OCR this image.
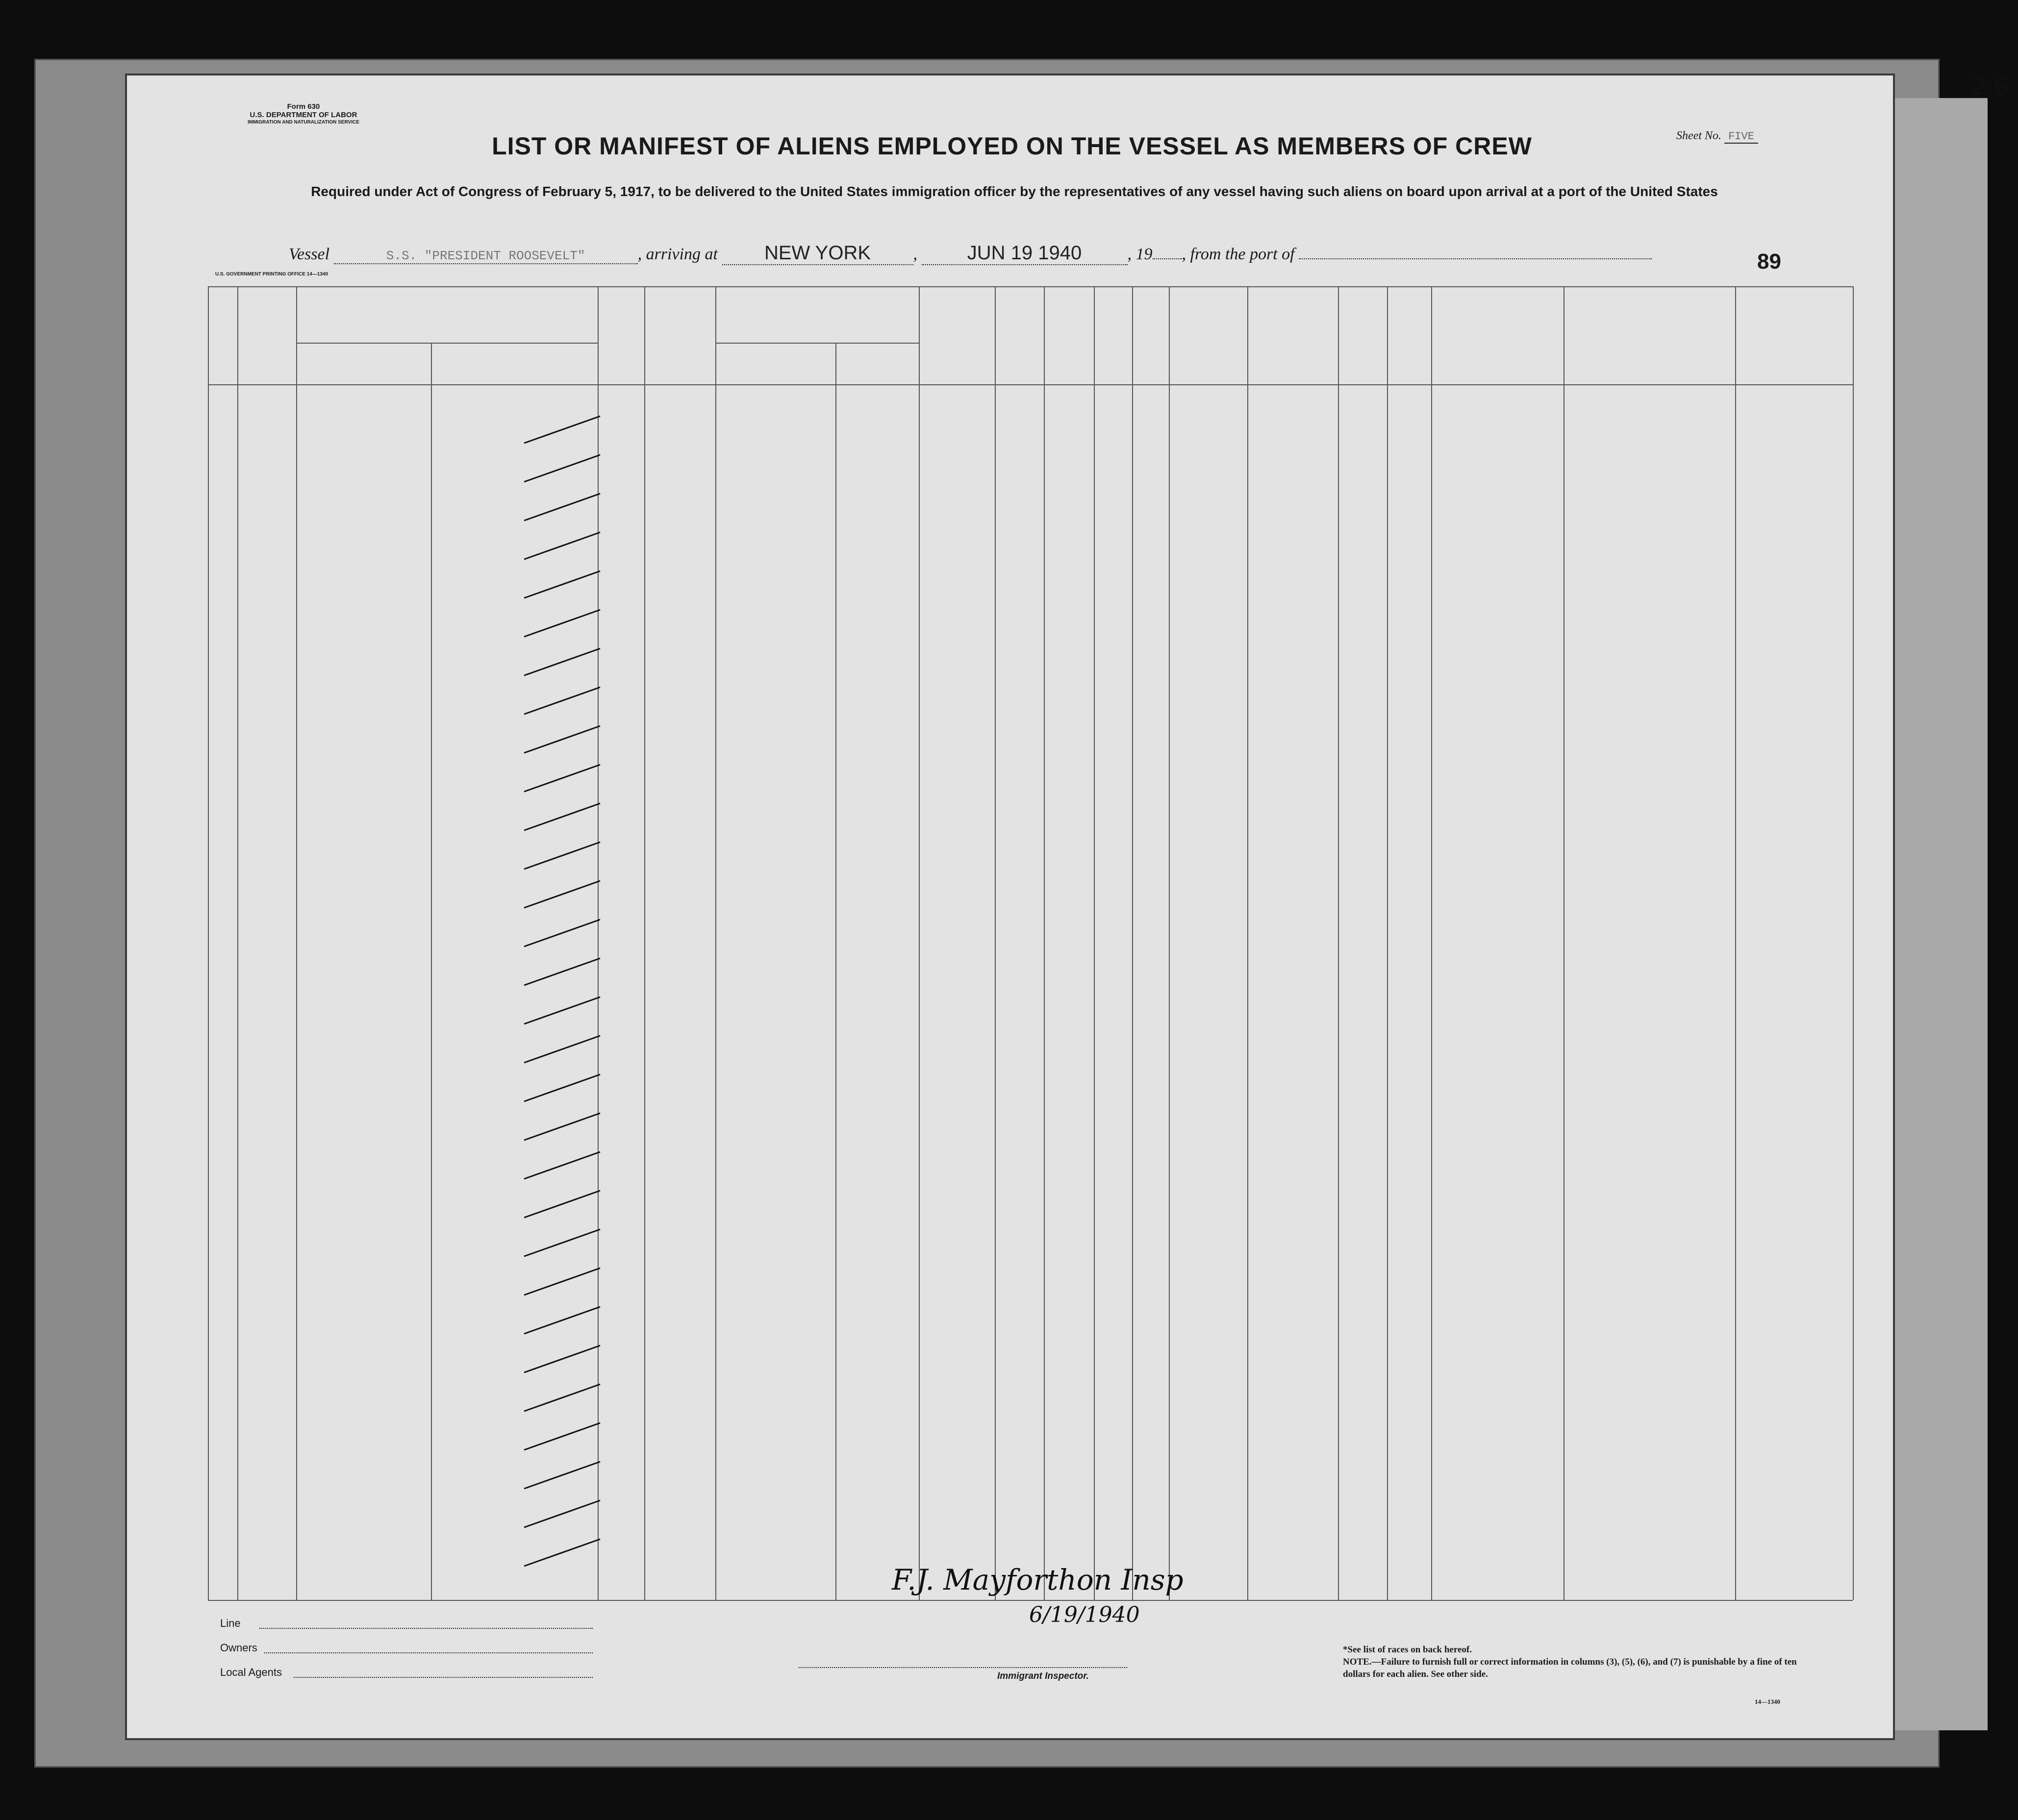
2-6
Form 630
U.S. DEPARTMENT OF LABOR
IMMIGRATION AND NATURALIZATION SERVICE
Sheet No. FIVE
LIST OR MANIFEST OF ALIENS EMPLOYED ON THE VESSEL AS MEMBERS OF CREW
Required under Act of Congress of February 5, 1917, to be delivered to the United States immigration officer by the representatives of any vessel having such aliens on board upon arrival at a port of the United States
Vessel	S.S. "PRESIDENT ROOSEVELT"	, arriving at NEW YORK	, JUN 19 1940	, 19 , from the port of	89
U.S. GOVERNMENT PRINTING OFFICE 14—1340
Line
Owners
Local Agents
F.J. Mayforthon Insp
6/19/1940
Immigrant Inspector.
*See list of races on back hereof.
NOTE.—Failure to furnish full or correct information in columns (3), (5), (6), and (7) is punishable by a fine of ten dollars for each alien. See other side.
14—1340
